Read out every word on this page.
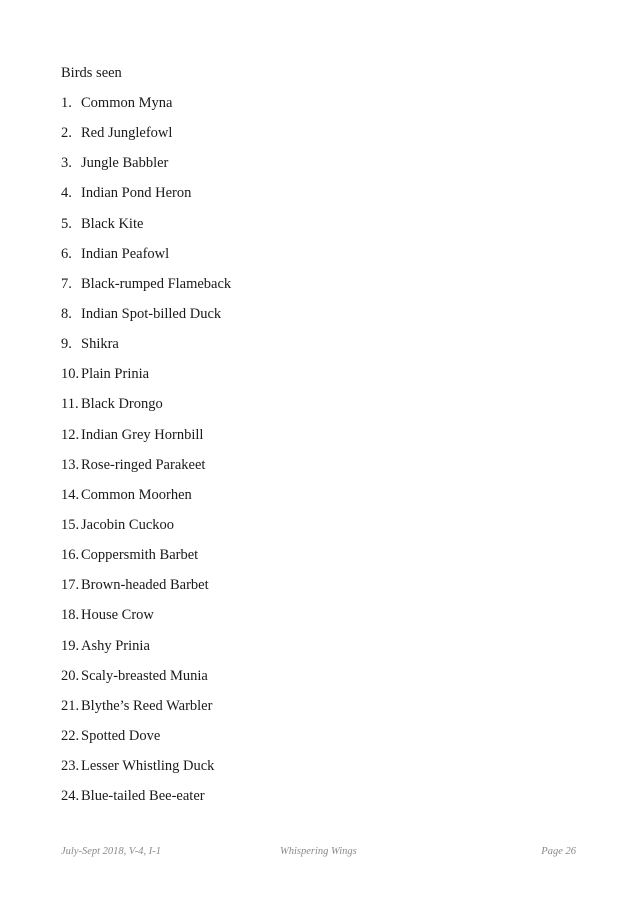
Birds seen
1. Common Myna
2. Red Junglefowl
3. Jungle Babbler
4. Indian Pond Heron
5. Black Kite
6. Indian Peafowl
7. Black-rumped Flameback
8. Indian Spot-billed Duck
9. Shikra
10. Plain Prinia
11. Black Drongo
12. Indian Grey Hornbill
13. Rose-ringed Parakeet
14. Common Moorhen
15. Jacobin Cuckoo
16. Coppersmith Barbet
17. Brown-headed Barbet
18. House Crow
19. Ashy Prinia
20. Scaly-breasted Munia
21. Blythe’s Reed Warbler
22. Spotted Dove
23. Lesser Whistling Duck
24. Blue-tailed Bee-eater
July-Sept 2018, V-4, I-1	Whispering Wings	Page 26
